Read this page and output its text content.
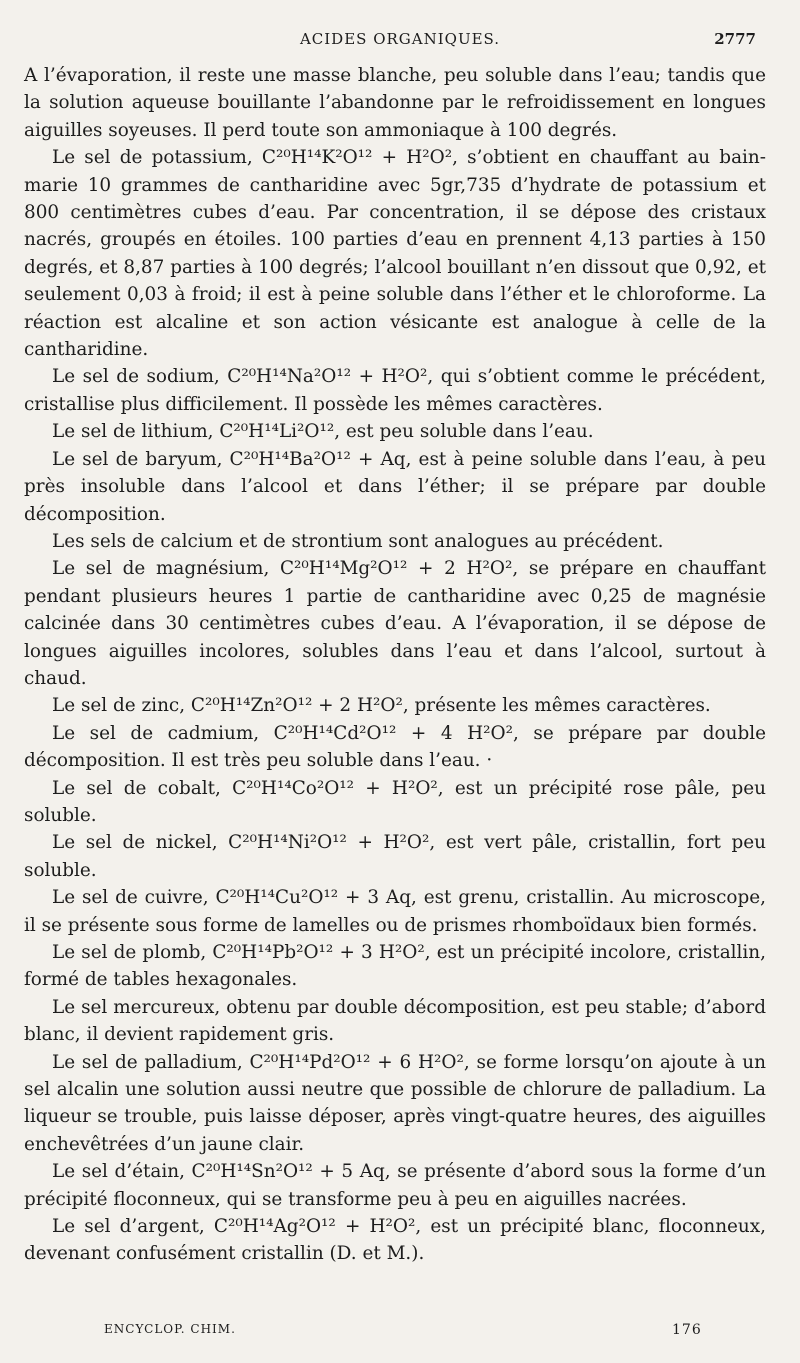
ACIDES ORGANIQUES.	2777

A l’évaporation, il reste une masse blanche, peu soluble dans l’eau; tandis que la solution aqueuse bouillante l’abandonne par le refroidissement en longues aiguilles soyeuses. Il perd toute son ammoniaque à 100 degrés.

Le sel de potassium, C²⁰H¹⁴K²O¹² + H²O², s’obtient en chauffant au bain-marie 10 grammes de cantharidine avec 5gr,735 d’hydrate de potassium et 800 centimètres cubes d’eau. Par concentration, il se dépose des cristaux nacrés, groupés en étoiles. 100 parties d’eau en prennent 4,13 parties à 150 degrés, et 8,87 parties à 100 degrés; l’alcool bouillant n’en dissout que 0,92, et seulement 0,03 à froid; il est à peine soluble dans l’éther et le chloroforme. La réaction est alcaline et son action vésicante est analogue à celle de la cantharidine.

Le sel de sodium, C²⁰H¹⁴Na²O¹² + H²O², qui s’obtient comme le précédent, cristallise plus difficilement. Il possède les mêmes caractères.

Le sel de lithium, C²⁰H¹⁴Li²O¹², est peu soluble dans l’eau.

Le sel de baryum, C²⁰H¹⁴Ba²O¹² + Aq, est à peine soluble dans l’eau, à peu près insoluble dans l’alcool et dans l’éther; il se prépare par double décomposition.

Les sels de calcium et de strontium sont analogues au précédent.

Le sel de magnésium, C²⁰H¹⁴Mg²O¹² + 2 H²O², se prépare en chauffant pendant plusieurs heures 1 partie de cantharidine avec 0,25 de magnésie calcinée dans 30 centimètres cubes d’eau. A l’évaporation, il se dépose de longues aiguilles incolores, solubles dans l’eau et dans l’alcool, surtout à chaud.

Le sel de zinc, C²⁰H¹⁴Zn²O¹² + 2 H²O², présente les mêmes caractères.

Le sel de cadmium, C²⁰H¹⁴Cd²O¹² + 4 H²O², se prépare par double décomposition. Il est très peu soluble dans l’eau. ·

Le sel de cobalt, C²⁰H¹⁴Co²O¹² + H²O², est un précipité rose pâle, peu soluble.

Le sel de nickel, C²⁰H¹⁴Ni²O¹² + H²O², est vert pâle, cristallin, fort peu soluble.

Le sel de cuivre, C²⁰H¹⁴Cu²O¹² + 3 Aq, est grenu, cristallin. Au microscope, il se présente sous forme de lamelles ou de prismes rhomboïdaux bien formés.

Le sel de plomb, C²⁰H¹⁴Pb²O¹² + 3 H²O², est un précipité incolore, cristallin, formé de tables hexagonales.

Le sel mercureux, obtenu par double décomposition, est peu stable; d’abord blanc, il devient rapidement gris.

Le sel de palladium, C²⁰H¹⁴Pd²O¹² + 6 H²O², se forme lorsqu’on ajoute à un sel alcalin une solution aussi neutre que possible de chlorure de palladium. La liqueur se trouble, puis laisse déposer, après vingt-quatre heures, des aiguilles enchevêtrées d’un jaune clair.

Le sel d’étain, C²⁰H¹⁴Sn²O¹² + 5 Aq, se présente d’abord sous la forme d’un précipité floconneux, qui se transforme peu à peu en aiguilles nacrées.

Le sel d’argent, C²⁰H¹⁴Ag²O¹² + H²O², est un précipité blanc, floconneux, devenant confusément cristallin (D. et M.).

ENCYCLOP. CHIM.	176
